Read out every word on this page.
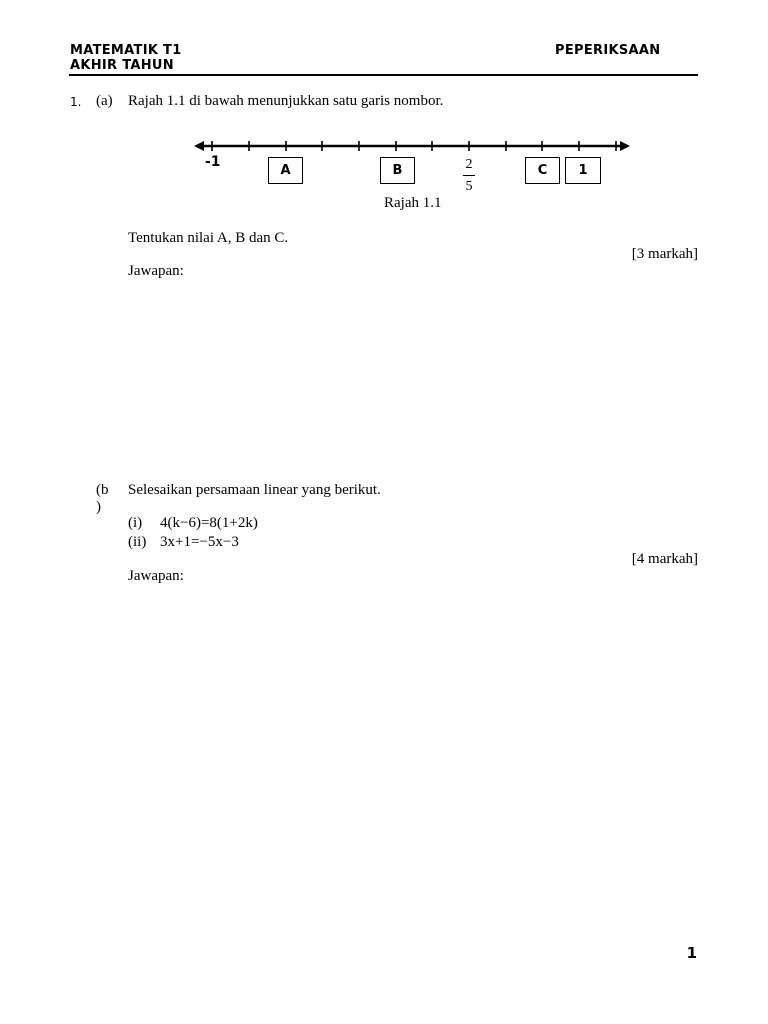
MATEMATIK T1
AKHIR TAHUN
PEPERIKSAAN
1. (a) Rajah 1.1 di bawah menunjukkan satu garis nombor.
-1
A	B	C	1
2
5
Rajah 1.1
Tentukan nilai A, B dan C.
[3 markah]
Jawapan:
(b
)
Selesaikan persamaan linear yang berikut.
(i) 4(k−6)=8(1+2k)
(ii) 3x+1=−5x−3
[4 markah]
Jawapan:
1
